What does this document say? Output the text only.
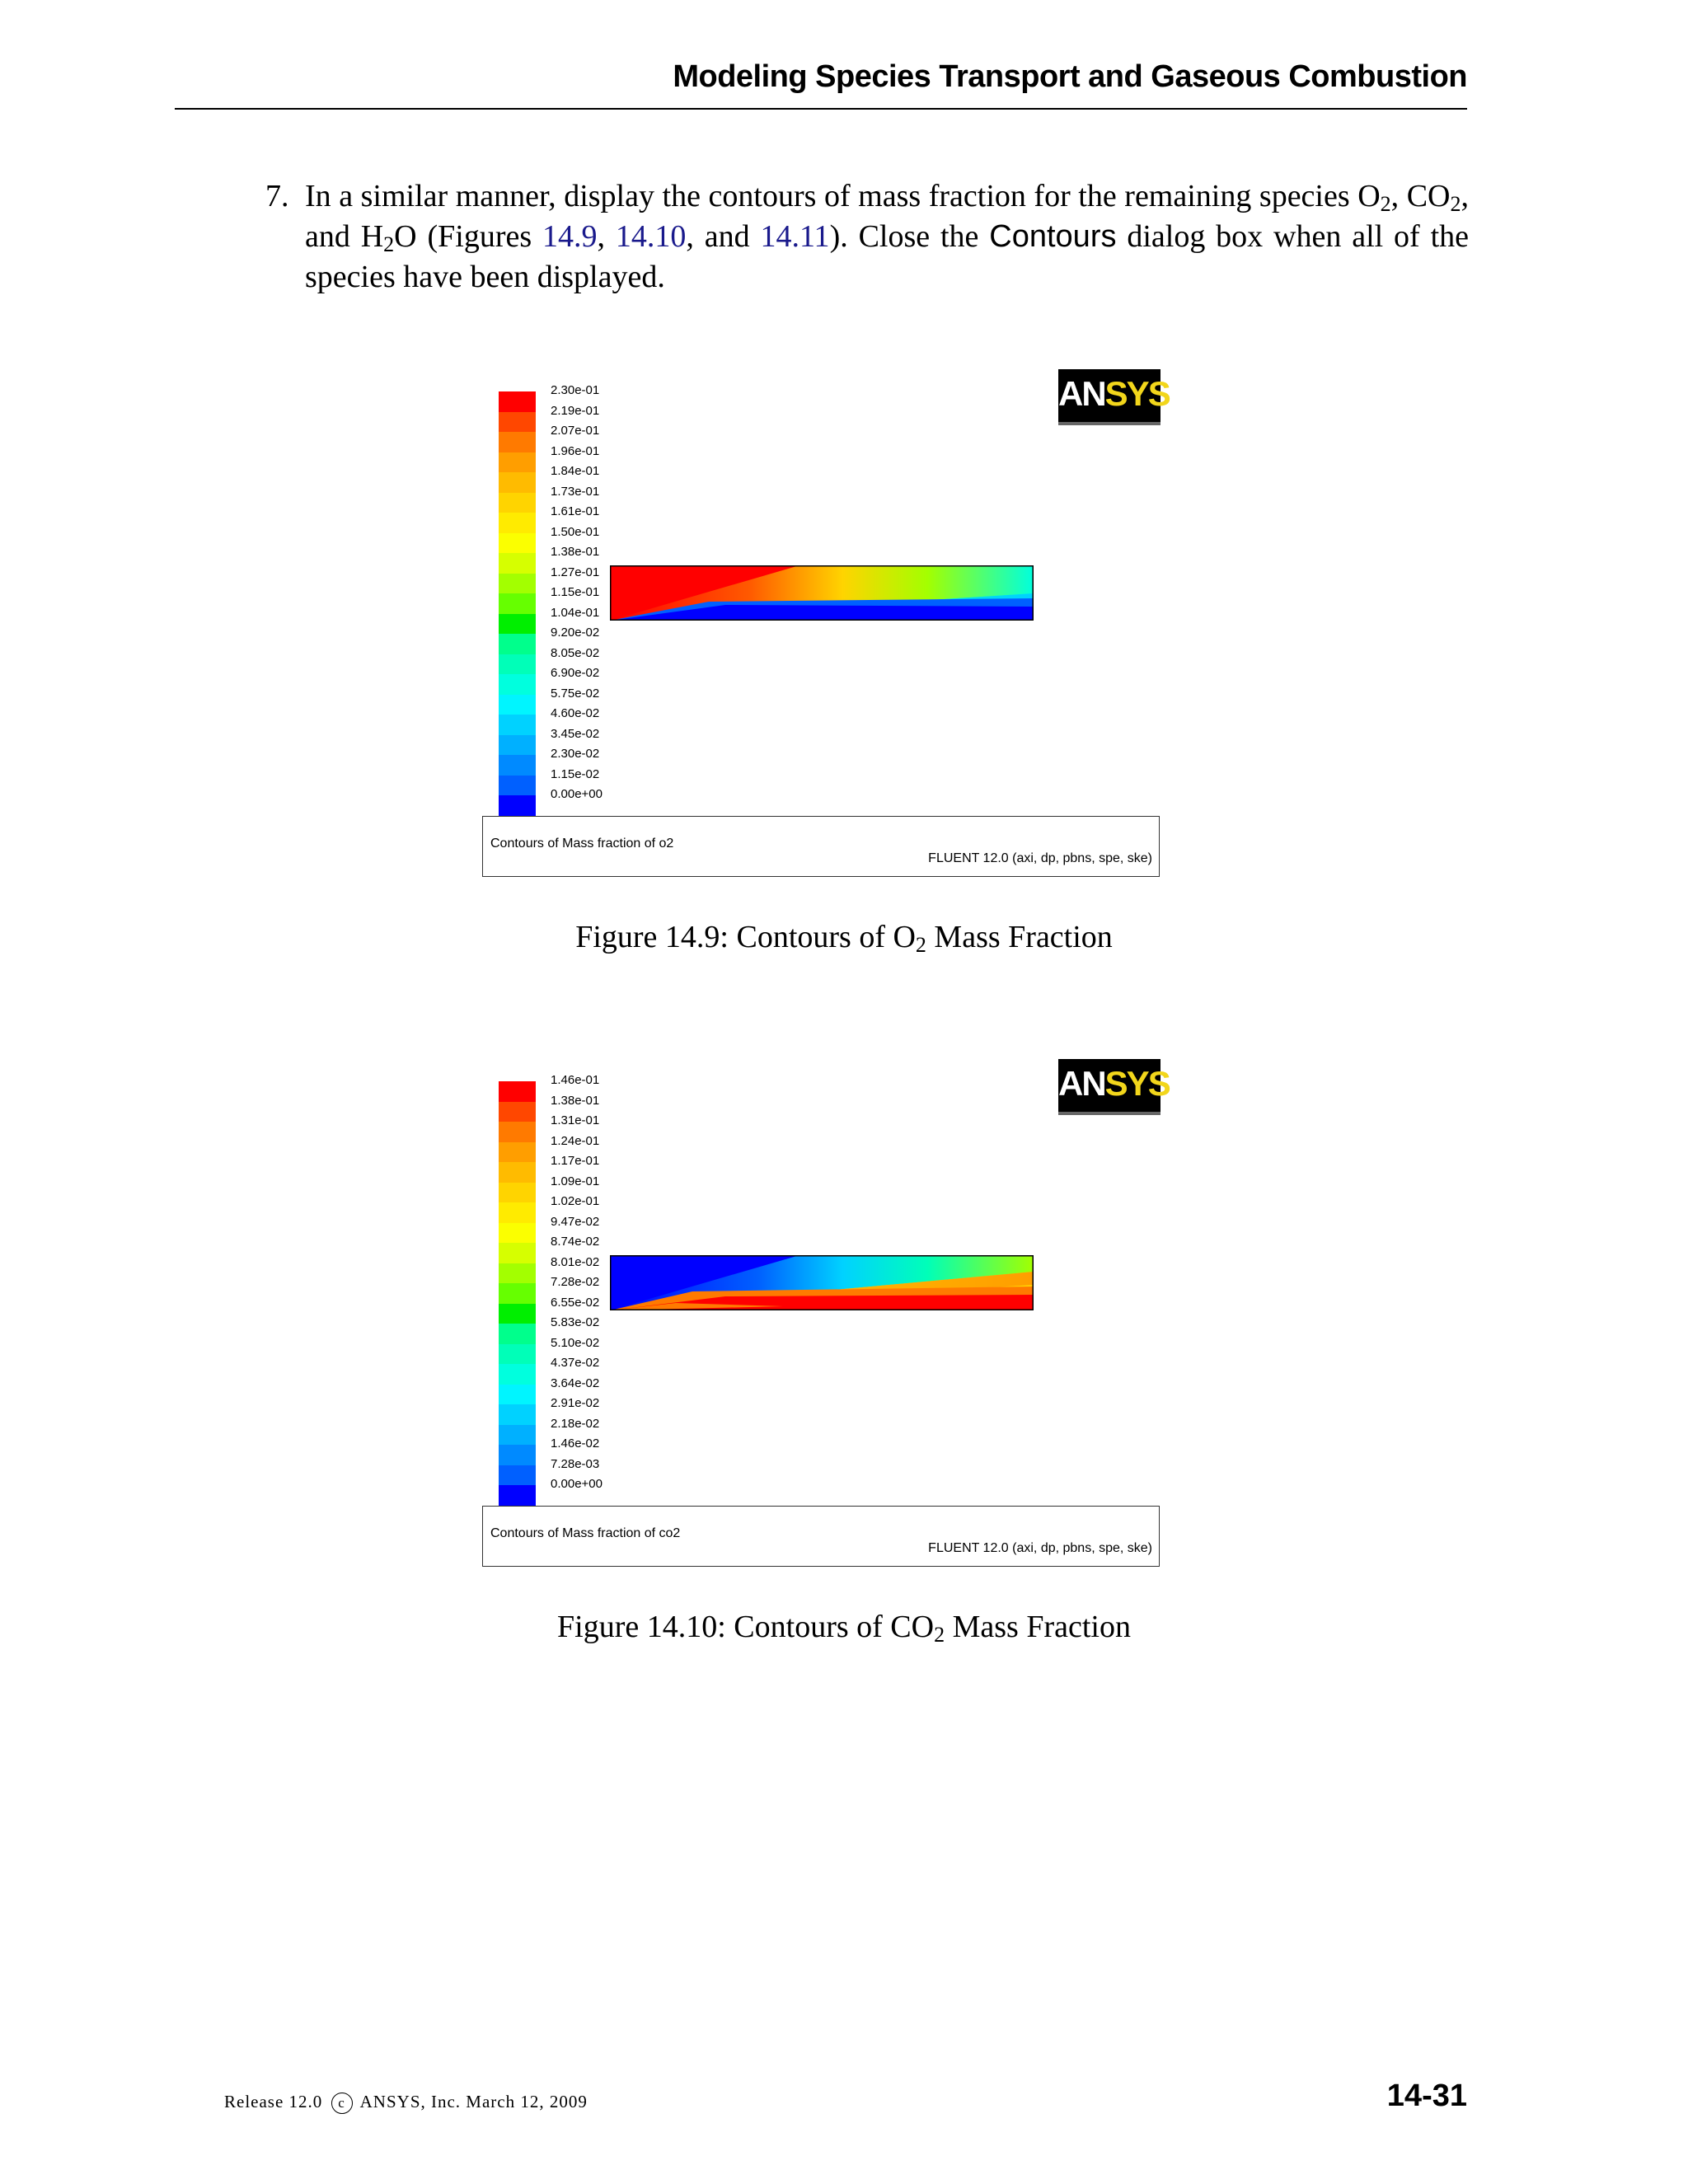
Modeling Species Transport and Gaseous Combustion
7. In a similar manner, display the contours of mass fraction for the remaining species $O_2$, $CO_2$, and $H_2O$ (Figures 14.9, 14.10, and 14.11). Close the Contours dialog box when all of the species have been displayed.
2.30e-01
2.19e-01
2.07e-01
1.96e-01
1.84e-01
1.73e-01
1.61e-01
1.50e-01
1.38e-01
1.27e-01
1.15e-01
1.04e-01
9.20e-02
8.05e-02
6.90e-02
5.75e-02
4.60e-02
3.45e-02
2.30e-02
1.15e-02
0.00e+00
ANSYS
Contours of Mass fraction of o2
FLUENT 12.0 (axi, dp, pbns, spe, ske)
Figure 14.9: Contours of $O_2$ Mass Fraction
1.46e-01
1.38e-01
1.31e-01
1.24e-01
1.17e-01
1.09e-01
1.02e-01
9.47e-02
8.74e-02
8.01e-02
7.28e-02
6.55e-02
5.83e-02
5.10e-02
4.37e-02
3.64e-02
2.91e-02
2.18e-02
1.46e-02
7.28e-03
0.00e+00
ANSYS
Contours of Mass fraction of co2
FLUENT 12.0 (axi, dp, pbns, spe, ske)
Figure 14.10: Contours of $CO_2$ Mass Fraction
Release 12.0 c ANSYS, Inc. March 12, 2009	14-31
